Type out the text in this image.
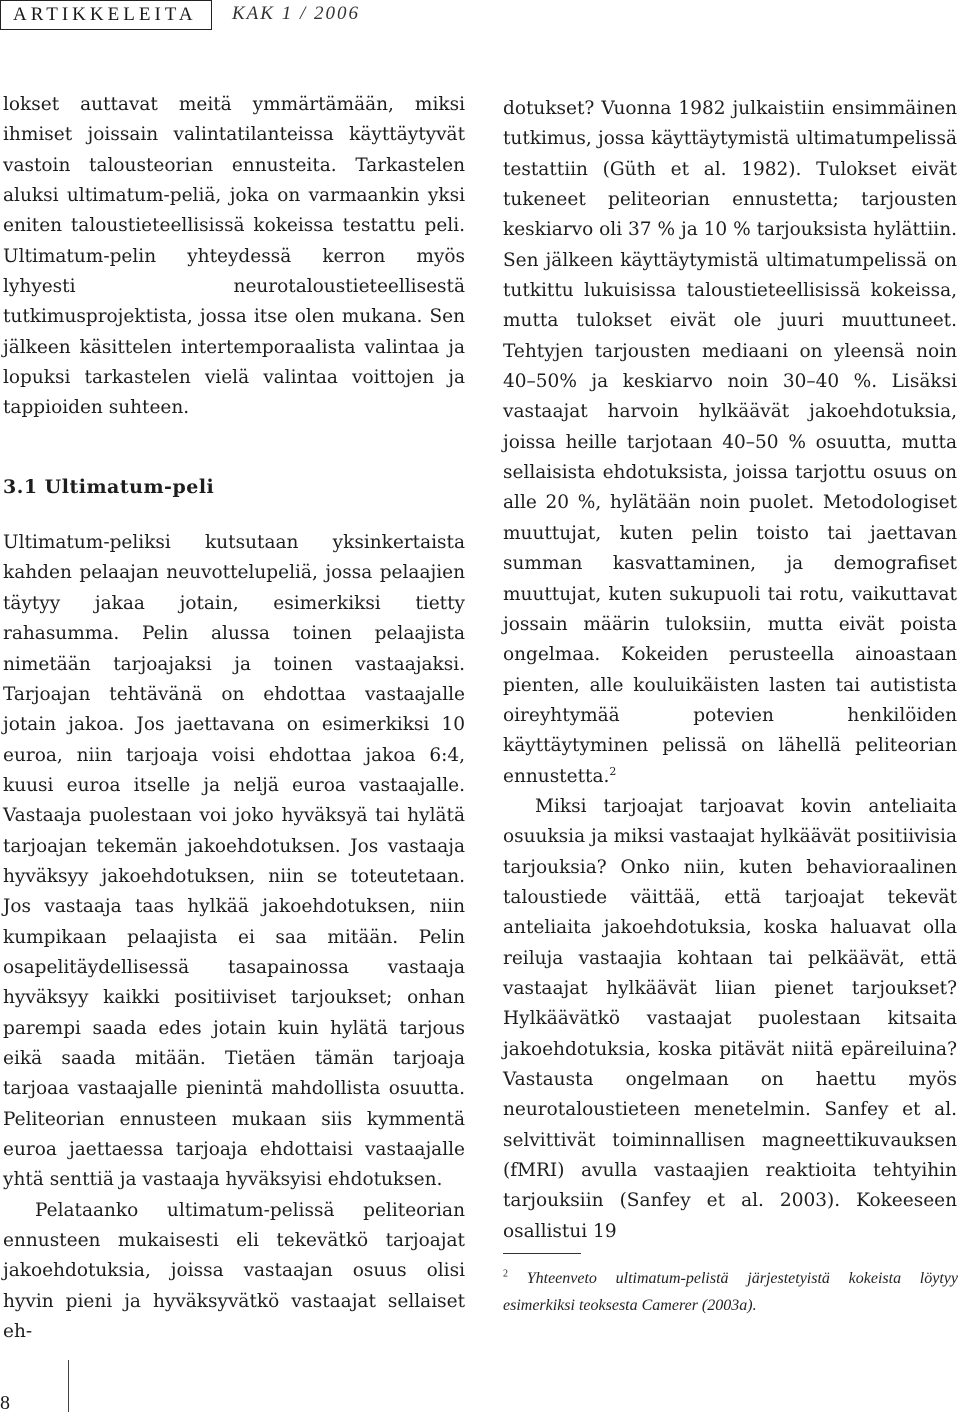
ARTIKKELEITA	KAK 1 / 2006

lokset auttavat meitä ymmärtämään, miksi ihmiset joissain valintatilanteissa käyttäytyvät vastoin talousteorian ennusteita. Tarkastelen aluksi ultimatum-peliä, joka on varmaankin yksi eniten taloustieteellisissä kokeissa testattu peli. Ultimatum-pelin yhteydessä kerron myös lyhyesti neurotaloustieteellisestä tutkimusprojektista, jossa itse olen mukana. Sen jälkeen käsittelen intertemporaalista valintaa ja lopuksi tarkastelen vielä valintaa voittojen ja tappioiden suhteen.

3.1 Ultimatum-peli

Ultimatum-peliksi kutsutaan yksinkertaista kahden pelaajan neuvottelupeliä, jossa pelaajien täytyy jakaa jotain, esimerkiksi tietty rahasumma. Pelin alussa toinen pelaajista nimetään tarjoajaksi ja toinen vastaajaksi. Tarjoajan tehtävänä on ehdottaa vastaajalle jotain jakoa. Jos jaettavana on esimerkiksi 10 euroa, niin tarjoaja voisi ehdottaa jakoa 6:4, kuusi euroa itselle ja neljä euroa vastaajalle. Vastaaja puolestaan voi joko hyväksyä tai hylätä tarjoajan tekemän jakoehdotuksen. Jos vastaaja hyväksyy jakoehdotuksen, niin se toteutetaan. Jos vastaaja taas hylkää jakoehdotuksen, niin kumpikaan pelaajista ei saa mitään. Pelin osapelitäydellisessä tasapainossa vastaaja hyväksyy kaikki positiiviset tarjoukset; onhan parempi saada edes jotain kuin hylätä tarjous eikä saada mitään. Tietäen tämän tarjoaja tarjoaa vastaajalle pienintä mahdollista osuutta. Peliteorian ennusteen mukaan siis kymmentä euroa jaettaessa tarjoaja ehdottaisi vastaajalle yhtä senttiä ja vastaaja hyväksyisi ehdotuksen.

Pelataanko ultimatum-pelissä peliteorian ennusteen mukaisesti eli tekevätkö tarjoajat jakoehdotuksia, joissa vastaajan osuus olisi hyvin pieni ja hyväksyvätkö vastaajat sellaiset eh-

dotukset? Vuonna 1982 julkaistiin ensimmäinen tutkimus, jossa käyttäytymistä ultimatumpelissä testattiin (Güth et al. 1982). Tulokset eivät tukeneet peliteorian ennustetta; tarjousten keskiarvo oli 37 % ja 10 % tarjouksista hylättiin. Sen jälkeen käyttäytymistä ultimatumpelissä on tutkittu lukuisissa taloustieteellisissä kokeissa, mutta tulokset eivät ole juuri muuttuneet. Tehtyjen tarjousten mediaani on yleensä noin 40–50% ja keskiarvo noin 30–40 %. Lisäksi vastaajat harvoin hylkäävät jakoehdotuksia, joissa heille tarjotaan 40–50 % osuutta, mutta sellaisista ehdotuksista, joissa tarjottu osuus on alle 20 %, hylätään noin puolet. Metodologiset muuttujat, kuten pelin toisto tai jaettavan summan kasvattaminen, ja demografiset muuttujat, kuten sukupuoli tai rotu, vaikuttavat jossain määrin tuloksiin, mutta eivät poista ongelmaa. Kokeiden perusteella ainoastaan pienten, alle kouluikäisten lasten tai autistista oireyhtymää potevien henkilöiden käyttäytyminen pelissä on lähellä peliteorian ennustetta.$^2$

Miksi tarjoajat tarjoavat kovin anteliaita osuuksia ja miksi vastaajat hylkäävät positiivisia tarjouksia? Onko niin, kuten behavioraalinen taloustiede väittää, että tarjoajat tekevät anteliaita jakoehdotuksia, koska haluavat olla reiluja vastaajia kohtaan tai pelkäävät, että vastaajat hylkäävät liian pienet tarjoukset? Hylkäävätkö vastaajat puolestaan kitsaita jakoehdotuksia, koska pitävät niitä epäreiluina? Vastausta ongelmaan on haettu myös neurotaloustieteen menetelmin. Sanfey et al. selvittivät toiminnallisen magneettikuvauksen (fMRI) avulla vastaajien reaktioita tehtyihin tarjouksiin (Sanfey et al. 2003). Kokeeseen osallistui 19

$^2$ Yhteenveto ultimatum-pelistä järjestetyistä kokeista löytyy esimerkiksi teoksesta Camerer (2003a).
8
